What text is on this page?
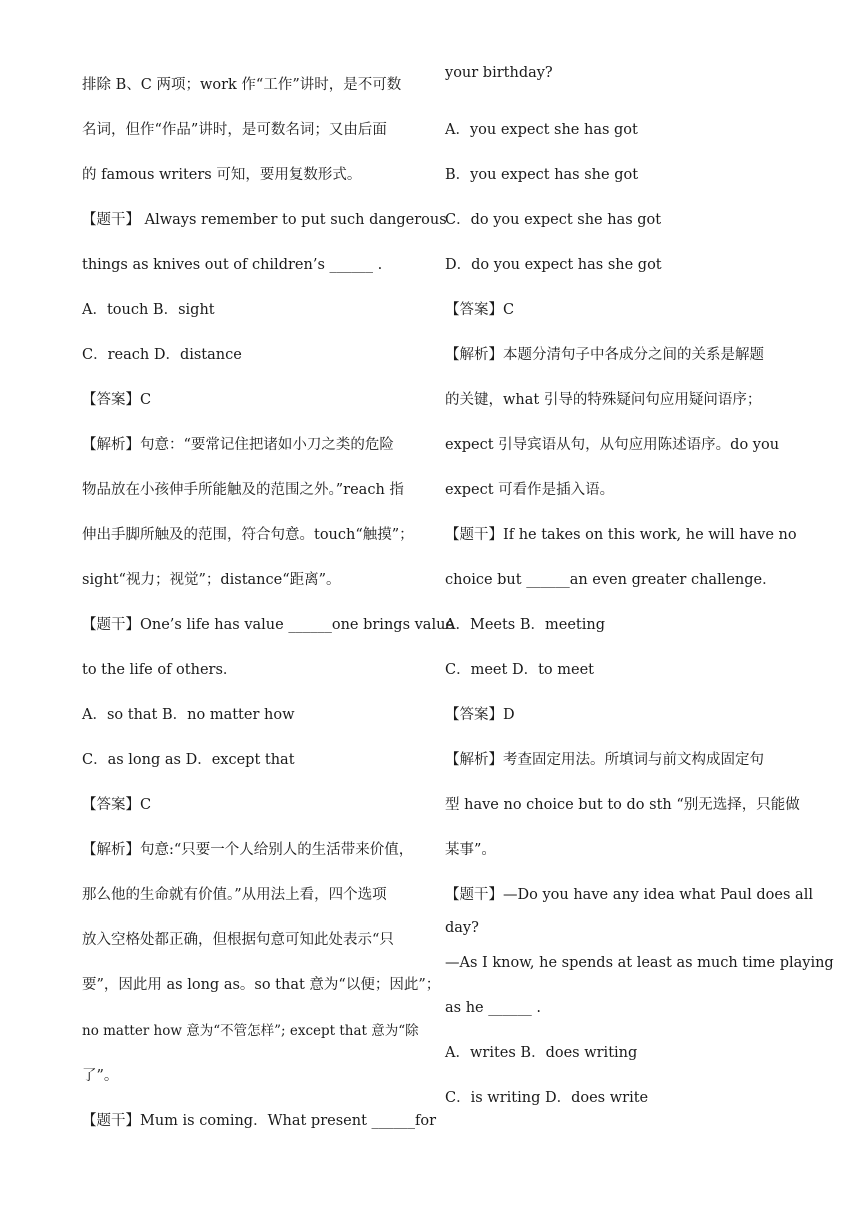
排除 B、C 两项；work 作“工作”讲时，是不可数
名词，但作“作品”讲时，是可数名词；又由后面
的 famous writers 可知，要用复数形式。
【题干】 Always remember to put such dangerous
things as knives out of children’s ______ .
A．touch B．sight
C．reach D．distance
【答案】C
【解析】句意：“要常记住把诸如小刀之类的危险
物品放在小孩伸手所能触及的范围之外。”reach 指
伸出手脚所触及的范围，符合句意。touch“触摸”；
sight“视力；视觉”；distance“距离”。
【题干】One’s life has value ______one brings value
to the life of others．
A．so that B．no matter how
C．as long as D．except that
【答案】C
【解析】句意:“只要一个人给别人的生活带来价值，
那么他的生命就有价值。”从用法上看，四个选项
放入空格处都正确，但根据句意可知此处表示“只
要”，因此用 as long as。so that 意为“以便；因此”；
no matter how 意为“不管怎样”; except that 意为“除
了”。
【题干】Mum is coming．What present ______for
your birthday?
A．you expect she has got
B．you expect has she got
C．do you expect she has got
D．do you expect has she got
【答案】C
【解析】本题分清句子中各成分之间的关系是解题
的关键，what 引导的特殊疑问句应用疑问语序；
expect 引导宾语从句，从句应用陈述语序。do you
expect 可看作是插入语。
【题干】If he takes on this work, he will have no
choice but ______an even greater challenge．
A．Meets B．meeting
C．meet D．to meet
【答案】D
【解析】考查固定用法。所填词与前文构成固定句
型 have no choice but to do sth “别无选择，只能做
某事”。
【题干】—Do you have any idea what Paul does all
day?
—As I know, he spends at least as much time playing
as he ______ .
A．writes B．does writing
C．is writing D．does write
